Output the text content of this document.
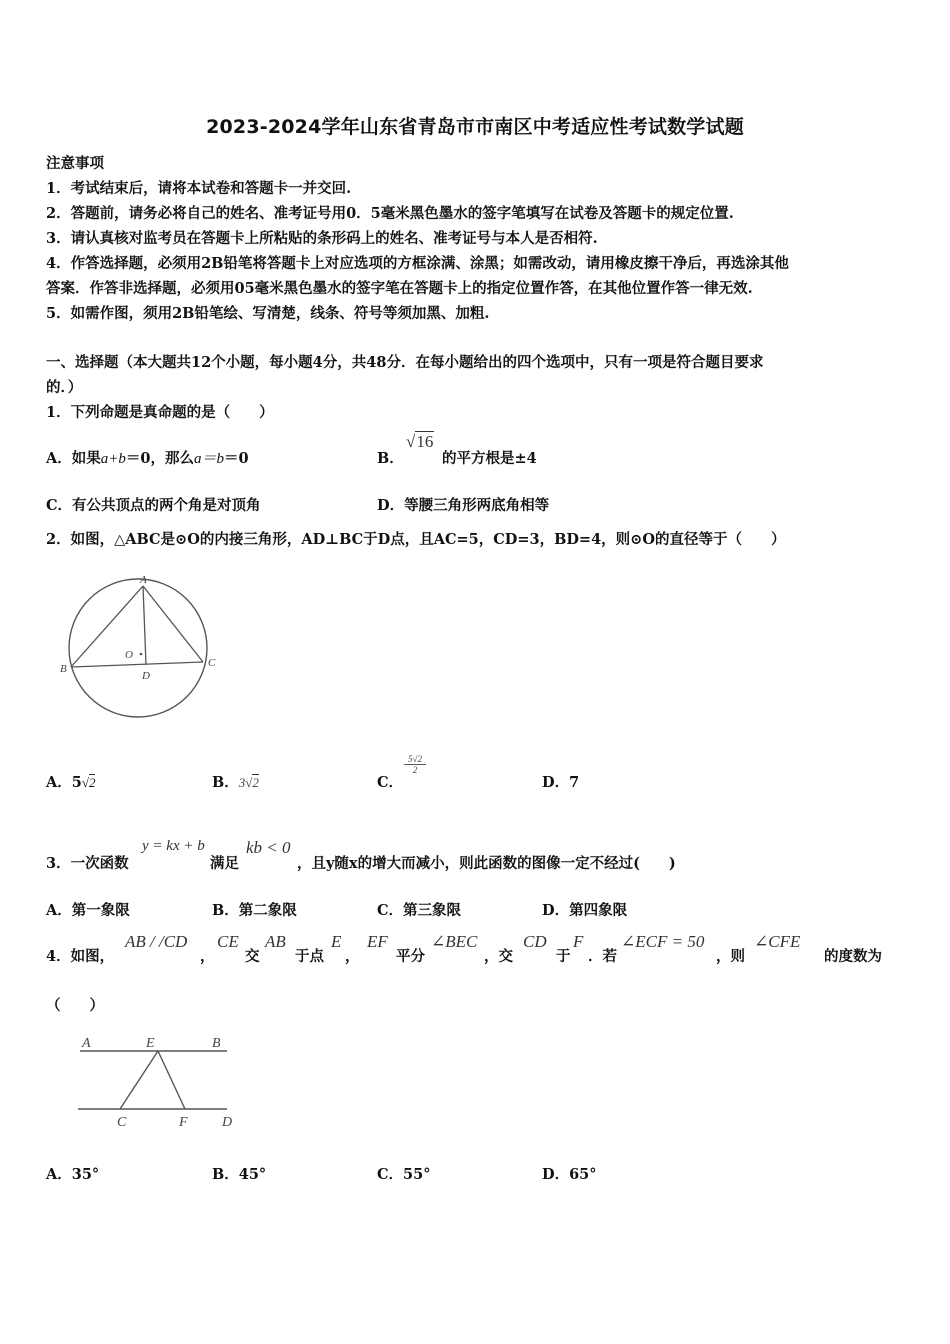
2023-2024学年山东省青岛市市南区中考适应性考试数学试题
注意事项
1．考试结束后，请将本试卷和答题卡一并交回.
2．答题前，请务必将自己的姓名、准考证号用0．5毫米黑色墨水的签字笔填写在试卷及答题卡的规定位置.
3．请认真核对监考员在答题卡上所粘贴的条形码上的姓名、准考证号与本人是否相符.
4．作答选择题，必须用2B铅笔将答题卡上对应选项的方框涂满、涂黑；如需改动，请用橡皮擦干净后，再选涂其他
答案．作答非选择题，必须用05毫米黑色墨水的签字笔在答题卡上的指定位置作答，在其他位置作答一律无效.
5．如需作图，须用2B铅笔绘、写清楚，线条、符号等须加黑、加粗.
一、选择题（本大题共12个小题，每小题4分，共48分．在每小题给出的四个选项中，只有一项是符合题目要求
的．）
1．下列命题是真命题的是（　　）
A．如果a+b＝0，那么a＝b＝0	B．
√16
的平方根是±4
C．有公共顶点的两个角是对顶角	D．等腰三角形两底角相等
2．如图，△ABC是⊙O的内接三角形，AD⊥BC于D点，且AC=5，CD=3，BD=4，则⊙O的直径等于（　　）
A
B	C
D
O
A．5√2	B．3√2	C．
$\frac{5√2}{2}$
D．7
3．一次函数
y = kx + b
满足
kb < 0
，且y随x的增大而减小，则此函数的图像一定不经过(　　)
A．第一象限	B．第二象限	C．第三象限	D．第四象限
4．如图，
AB / /CD
，
CE
交
AB
于点
E
，
EF
平分
∠BEC
，交
CD
于
F
．若
∠ECF = 50
，则
∠CFE
的度数为
（　　）
A	E	B
C	F D
A．35°	B．45°	C．55°	D．65°
